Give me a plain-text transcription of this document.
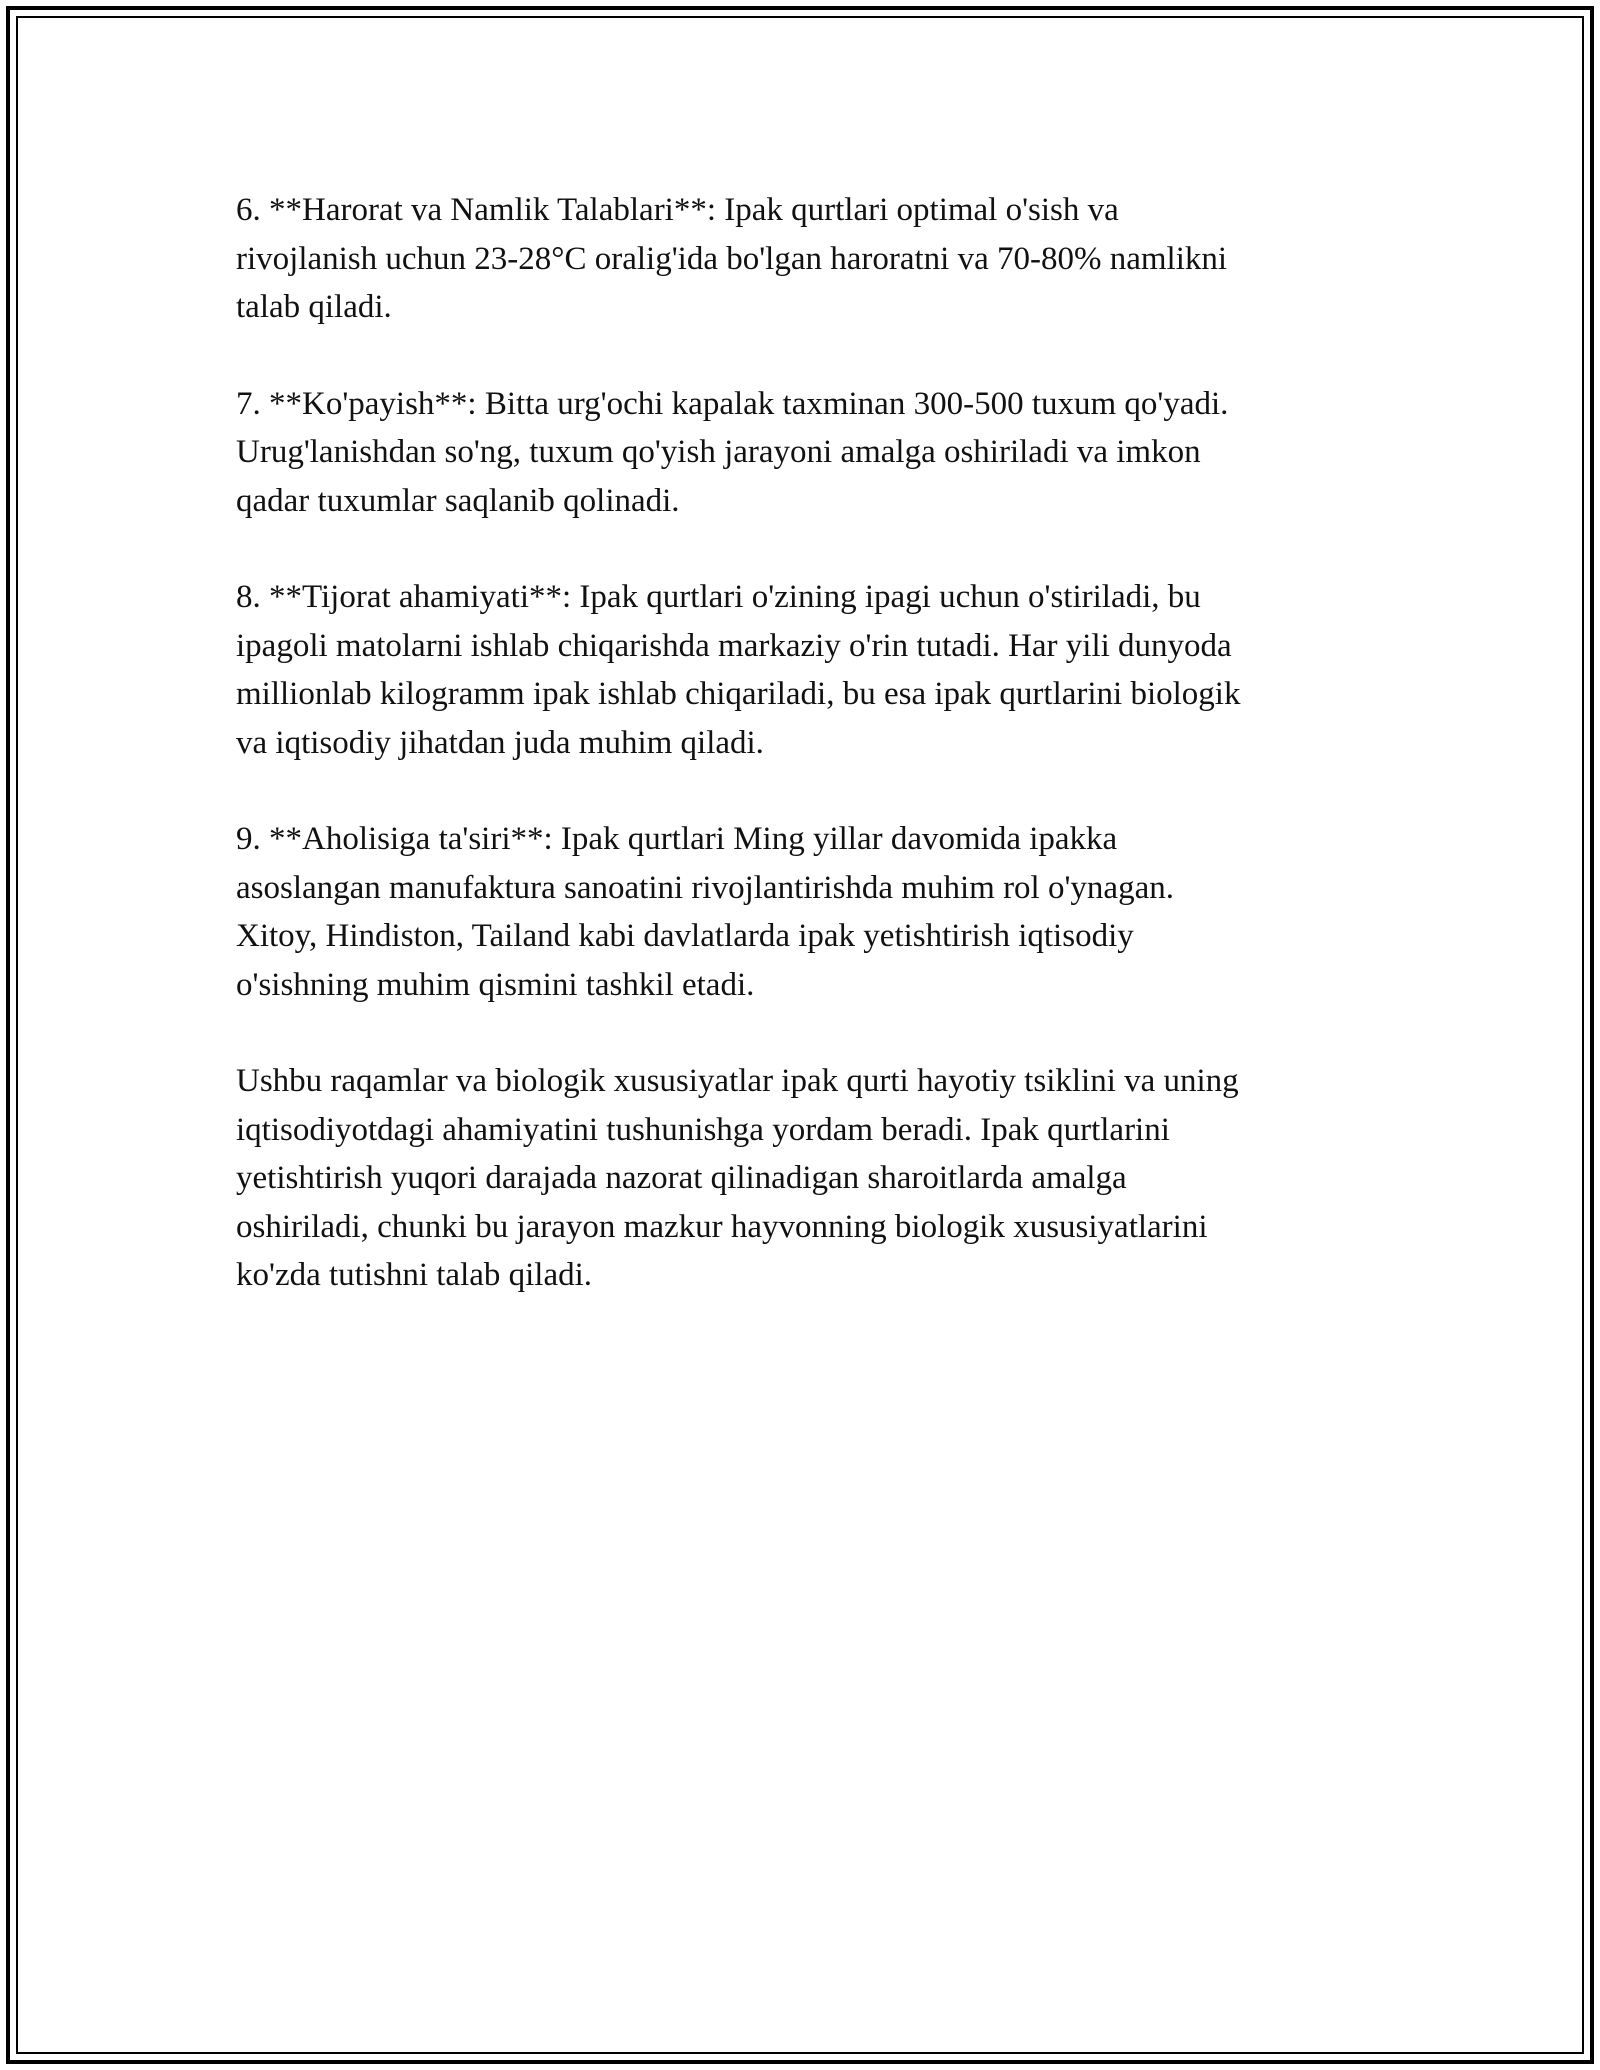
6. **Harorat va Namlik Talablari**: Ipak qurtlari optimal o'sish va
rivojlanish uchun 23-28°C oralig'ida bo'lgan haroratni va 70-80% namlikni
talab qiladi.

7. **Ko'payish**: Bitta urg'ochi kapalak taxminan 300-500 tuxum qo'yadi.
Urug'lanishdan so'ng, tuxum qo'yish jarayoni amalga oshiriladi va imkon
qadar tuxumlar saqlanib qolinadi.

8. **Tijorat ahamiyati**: Ipak qurtlari o'zining ipagi uchun o'stiriladi, bu
ipagoli matolarni ishlab chiqarishda markaziy o'rin tutadi. Har yili dunyoda
millionlab kilogramm ipak ishlab chiqariladi, bu esa ipak qurtlarini biologik
va iqtisodiy jihatdan juda muhim qiladi.

9. **Aholisiga ta'siri**: Ipak qurtlari Ming yillar davomida ipakka
asoslangan manufaktura sanoatini rivojlantirishda muhim rol o'ynagan.
Xitoy, Hindiston, Tailand kabi davlatlarda ipak yetishtirish iqtisodiy
o'sishning muhim qismini tashkil etadi.

Ushbu raqamlar va biologik xususiyatlar ipak qurti hayotiy tsiklini va uning
iqtisodiyotdagi ahamiyatini tushunishga yordam beradi. Ipak qurtlarini
yetishtirish yuqori darajada nazorat qilinadigan sharoitlarda amalga
oshiriladi, chunki bu jarayon mazkur hayvonning biologik xususiyatlarini
ko'zda tutishni talab qiladi.
